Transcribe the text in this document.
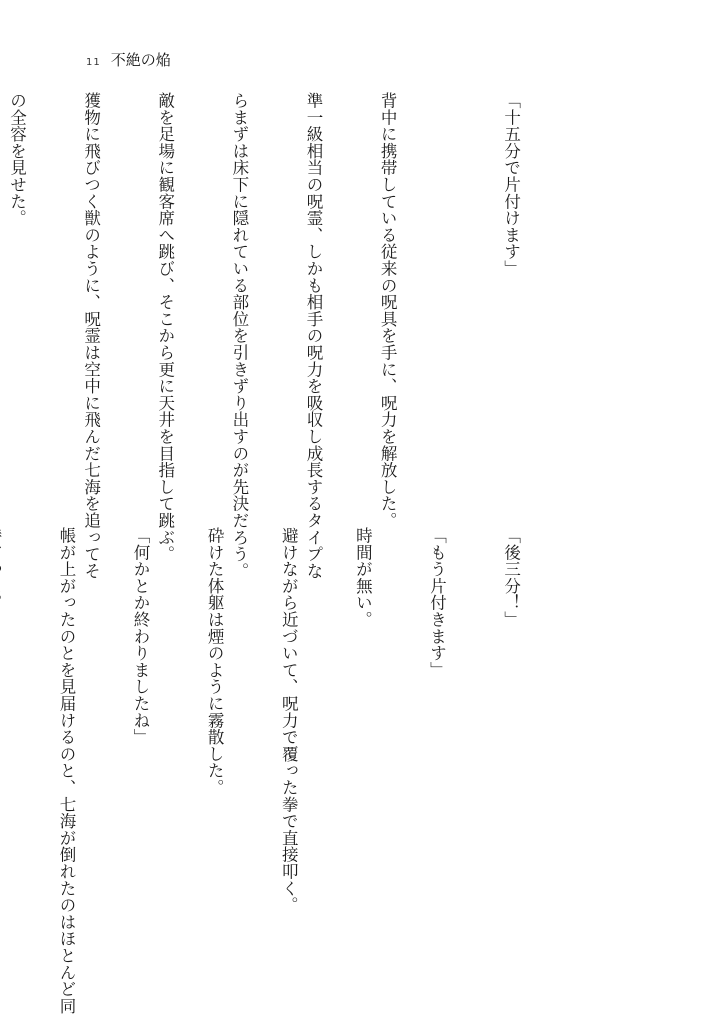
11 不絶の焔

「十五分で片付けます」

背中に携帯している従来の呪具を手に、呪力を解放した。

準一級相当の呪霊、しかも相手の呪力を吸収し成長するタイプな

らまずは床下に隠れている部位を引きずり出すのが先決だろう。

敵を足場に観客席へ跳び、そこから更に天井を目指して跳ぶ。

獲物に飛びつく獣のように、呪霊は空中に飛んだ七海を追ってそ

の全容を見せた。

「後三分！」

「もう片付きます」

時間が無い。

避けながら近づいて、呪力で覆った拳で直接叩く。

砕けた体躯は煙のように霧散した。

「何かとか終わりましたね」

帳が上がったのとを見届けるのと、七海が倒れたのはほとんど同
